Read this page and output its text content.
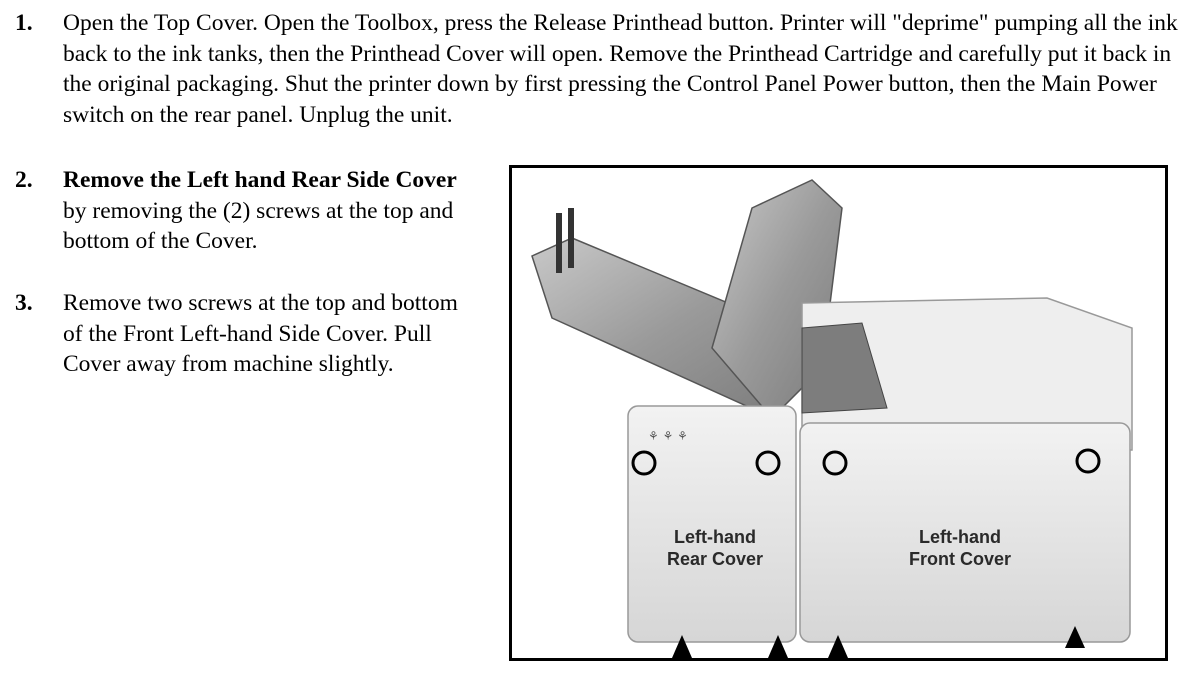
1. Open the Top Cover. Open the Toolbox, press the Release Printhead button. Printer will "deprime" pumping all the ink back to the ink tanks, then the Printhead Cover will open. Remove the Printhead Cartridge and carefully put it back in the original packaging. Shut the printer down by first pressing the Control Panel Power button, then the Main Power switch on the rear panel. Unplug the unit.
2. Remove the Left hand Rear Side Cover by removing the (2) screws at the top and bottom of the Cover.
3. Remove two screws at the top and bottom of the Front Left-hand Side Cover. Pull Cover away from machine slightly.
⚘ ⚘ ⚘
Left-hand
Rear Cover
Left-hand
Front Cover
